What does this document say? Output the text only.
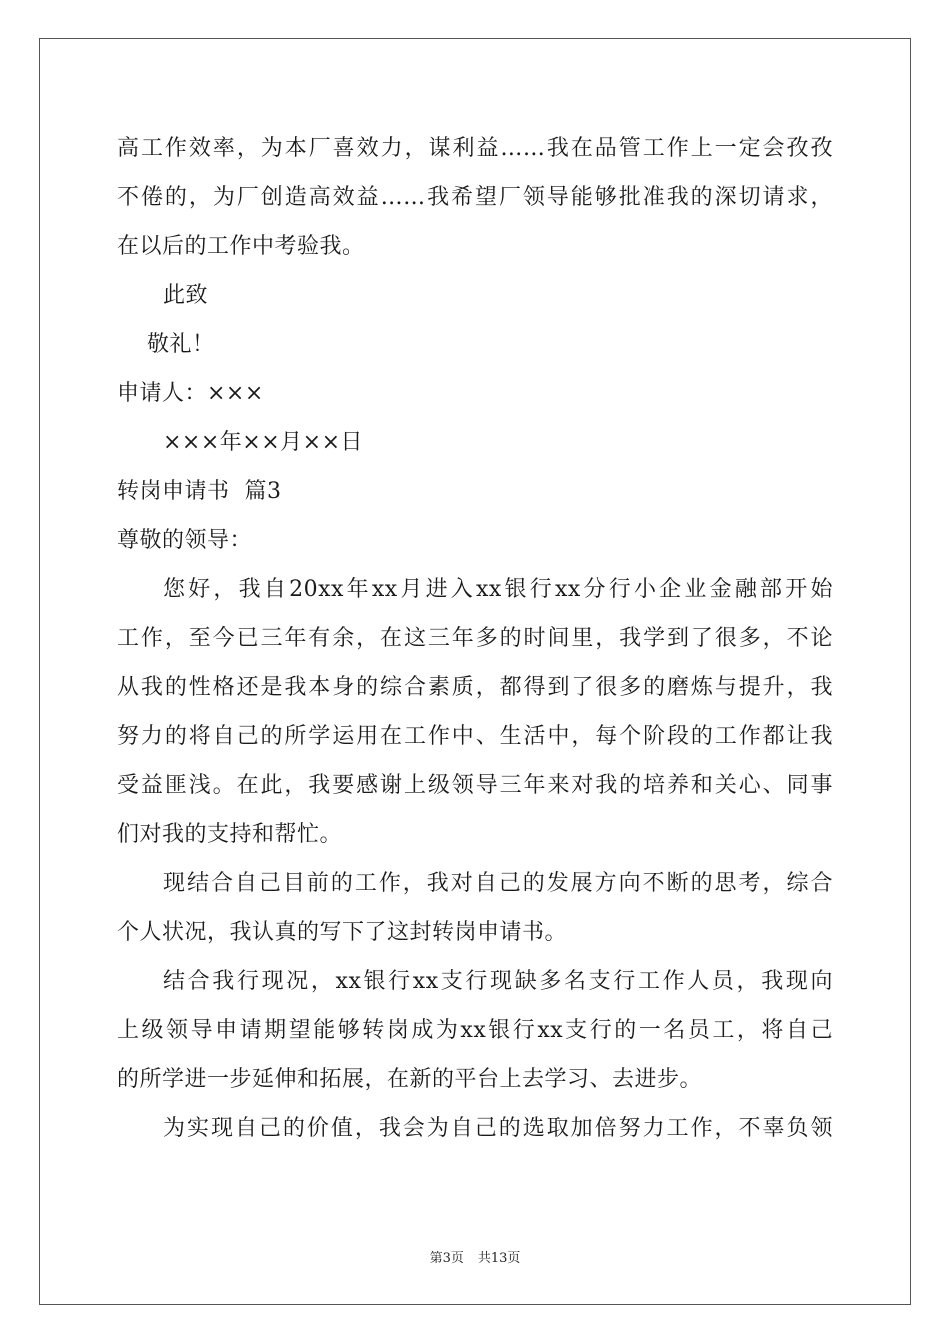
高工作效率，为本厂喜效力，谋利益……我在品管工作上一定会孜孜
不倦的，为厂创造高效益……我希望厂领导能够批准我的深切请求，
在以后的工作中考验我。
此致
敬礼！
申请人：×××
×××年××月××日
转岗申请书  篇3
尊敬的领导：
您好，我自20xx年xx月进入xx银行xx分行小企业金融部开始
工作，至今已三年有余，在这三年多的时间里，我学到了很多，不论
从我的性格还是我本身的综合素质，都得到了很多的磨炼与提升，我
努力的将自己的所学运用在工作中、生活中，每个阶段的工作都让我
受益匪浅。在此，我要感谢上级领导三年来对我的培养和关心、同事
们对我的支持和帮忙。
现结合自己目前的工作，我对自己的发展方向不断的思考，综合
个人状况，我认真的写下了这封转岗申请书。
结合我行现况，xx银行xx支行现缺多名支行工作人员，我现向
上级领导申请期望能够转岗成为xx银行xx支行的一名员工，将自己
的所学进一步延伸和拓展，在新的平台上去学习、去进步。
为实现自己的价值，我会为自己的选取加倍努力工作，不辜负领
第3页 共13页
